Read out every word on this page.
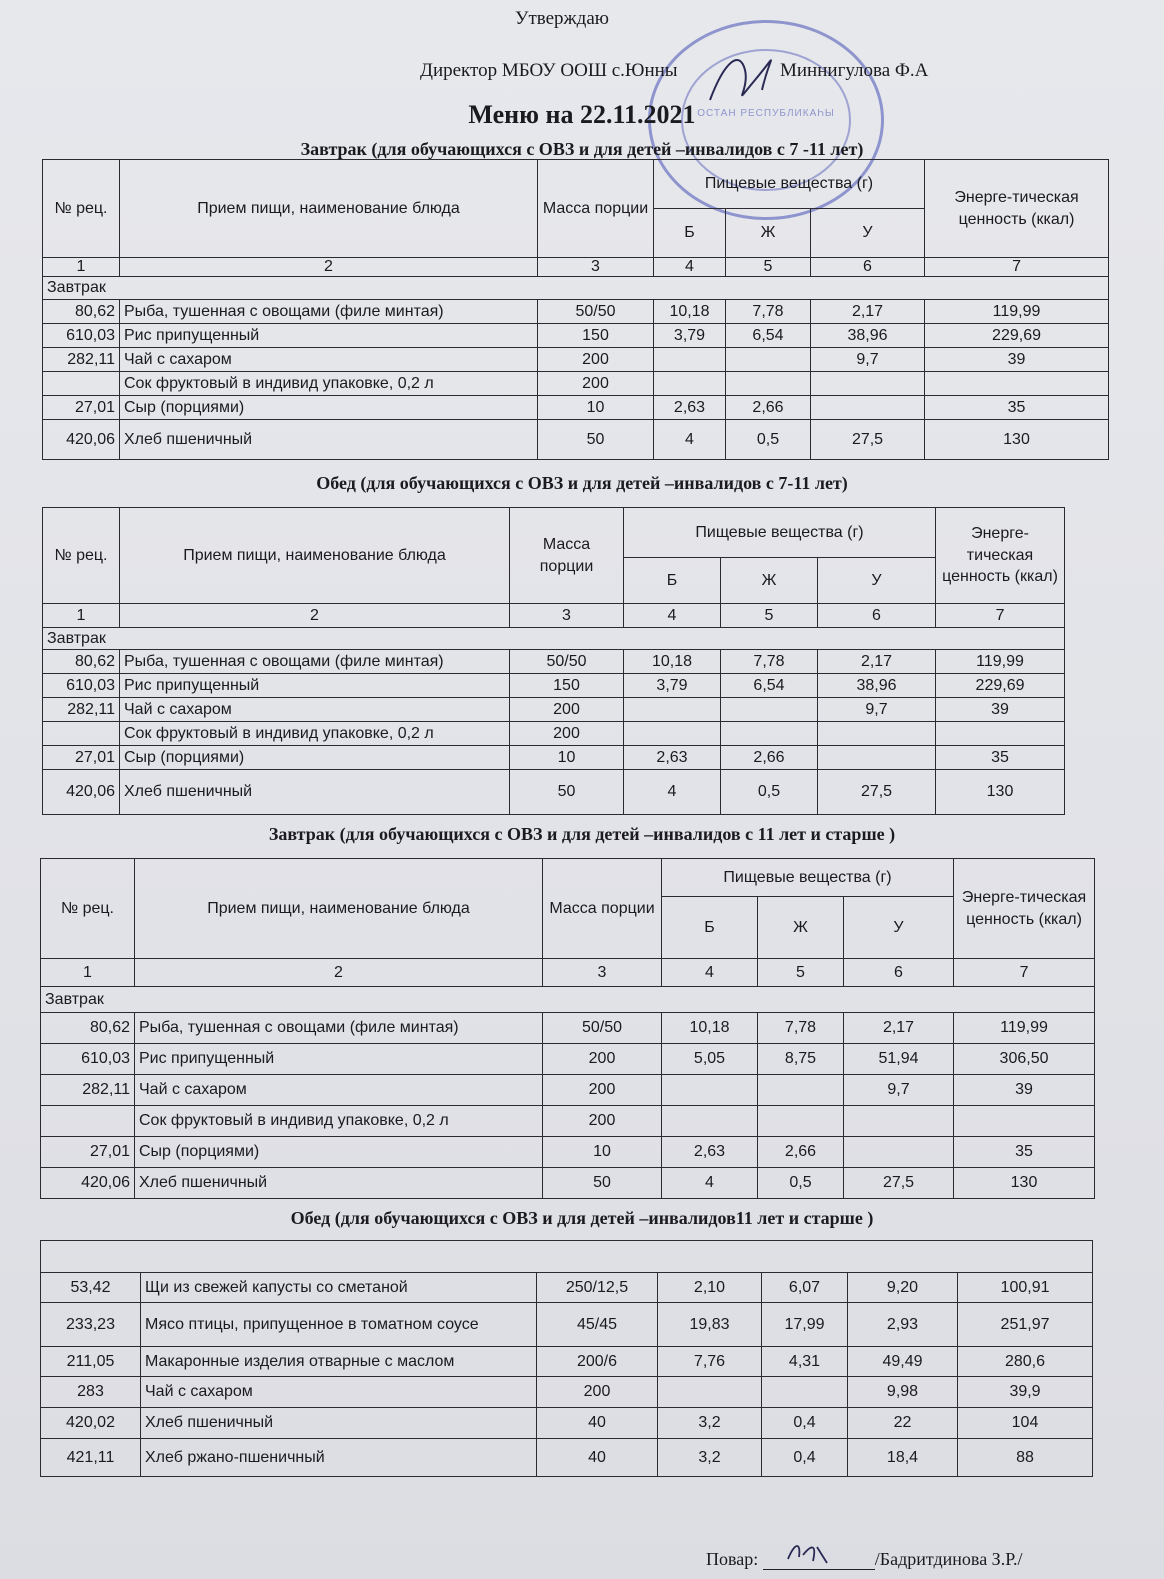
Утверждаю
ОСТАН РЕСПУБЛИКАҺЫ
Директор МБОУ ООШ с.Юнны	Миннигулова Ф.А
Меню на 22.11.2021
Завтрак (для обучающихся с ОВЗ и для детей –инвалидов с 7 -11 лет)
№ рец.	Прием пищи, наименование блюда	Масса порции	Пищевые вещества (г)			Энерге-тическая ценность (ккал)
			Б	Ж	У	
1	2	3	4	5	6	7
Завтрак						
80,62	Рыба, тушенная с овощами (филе минтая)	50/50	10,18	7,78	2,17	119,99
610,03	Рис припущенный	150	3,79	6,54	38,96	229,69
282,11	Чай с сахаром	200			9,7	39
	Сок фруктовый в индивид упаковке, 0,2 л	200				
27,01	Сыр (порциями)	10	2,63	2,66		35
420,06	Хлеб пшеничный	50	4	0,5	27,5	130
Обед (для обучающихся с ОВЗ и для детей –инвалидов с 7-11 лет)
№ рец.	Прием пищи, наименование блюда	Масса порции	Пищевые вещества (г)			Энерге-тическая ценность (ккал)
			Б	Ж	У	
1	2	3	4	5	6	7
Завтрак						
80,62	Рыба, тушенная с овощами (филе минтая)	50/50	10,18	7,78	2,17	119,99
610,03	Рис припущенный	150	3,79	6,54	38,96	229,69
282,11	Чай с сахаром	200			9,7	39
	Сок фруктовый в индивид упаковке, 0,2 л	200				
27,01	Сыр (порциями)	10	2,63	2,66		35
420,06	Хлеб пшеничный	50	4	0,5	27,5	130
Завтрак (для обучающихся с ОВЗ и для детей –инвалидов с 11 лет и старше )
№ рец.	Прием пищи, наименование блюда	Масса порции	Пищевые вещества (г)			Энерге-тическая ценность (ккал)
			Б	Ж	У	
1	2	3	4	5	6	7
Завтрак						
80,62	Рыба, тушенная с овощами (филе минтая)	50/50	10,18	7,78	2,17	119,99
610,03	Рис припущенный	200	5,05	8,75	51,94	306,50
282,11	Чай с сахаром	200			9,7	39
	Сок фруктовый в индивид упаковке, 0,2 л	200				
27,01	Сыр (порциями)	10	2,63	2,66		35
420,06	Хлеб пшеничный	50	4	0,5	27,5	130
Обед (для обучающихся с ОВЗ и для детей –инвалидов11 лет и старше )

53,42	Щи из свежей капусты со сметаной	250/12,5	2,10	6,07	9,20	100,91
233,23	Мясо птицы, припущенное в томатном соусе	45/45	19,83	17,99	2,93	251,97
211,05	Макаронные изделия отварные с маслом	200/6	7,76	4,31	49,49	280,6
283	Чай с сахаром	200			9,98	39,9
420,02	Хлеб пшеничный	40	3,2	0,4	22	104
421,11	Хлеб ржано-пшеничный	40	3,2	0,4	18,4	88
Повар:	/Бадритдинова З.Р./
